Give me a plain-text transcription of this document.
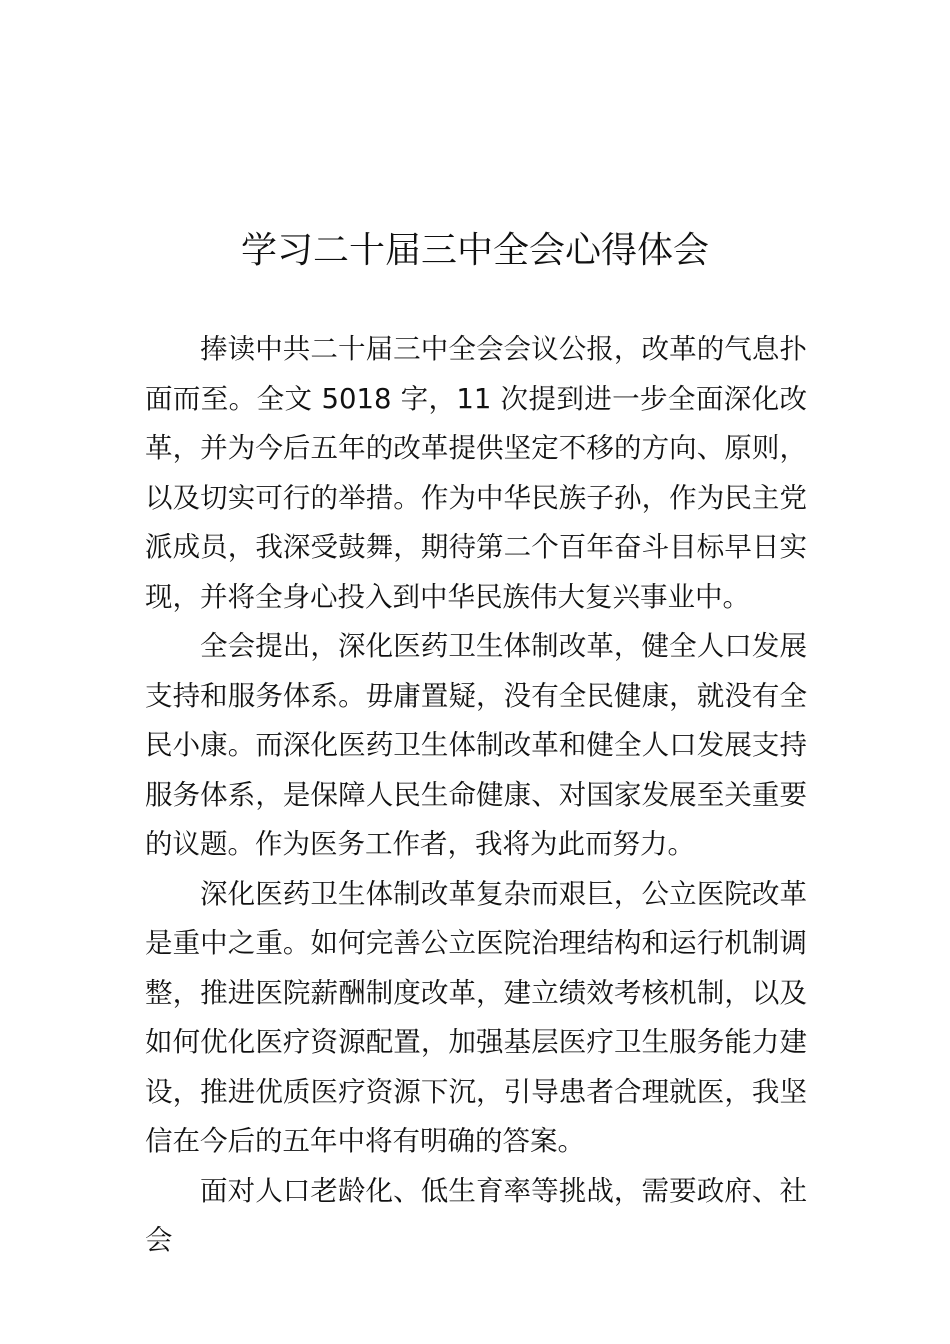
学习二十届三中全会心得体会

捧读中共二十届三中全会会议公报，改革的气息扑面而至。全文 5018 字，11 次提到进一步全面深化改革，并为今后五年的改革提供坚定不移的方向、原则，以及切实可行的举措。作为中华民族子孙，作为民主党派成员，我深受鼓舞，期待第二个百年奋斗目标早日实现，并将全身心投入到中华民族伟大复兴事业中。

全会提出，深化医药卫生体制改革，健全人口发展支持和服务体系。毋庸置疑，没有全民健康，就没有全民小康。而深化医药卫生体制改革和健全人口发展支持服务体系，是保障人民生命健康、对国家发展至关重要的议题。作为医务工作者，我将为此而努力。

深化医药卫生体制改革复杂而艰巨，公立医院改革是重中之重。如何完善公立医院治理结构和运行机制调整，推进医院薪酬制度改革，建立绩效考核机制，以及如何优化医疗资源配置，加强基层医疗卫生服务能力建设，推进优质医疗资源下沉，引导患者合理就医，我坚信在今后的五年中将有明确的答案。

面对人口老龄化、低生育率等挑战，需要政府、社会
